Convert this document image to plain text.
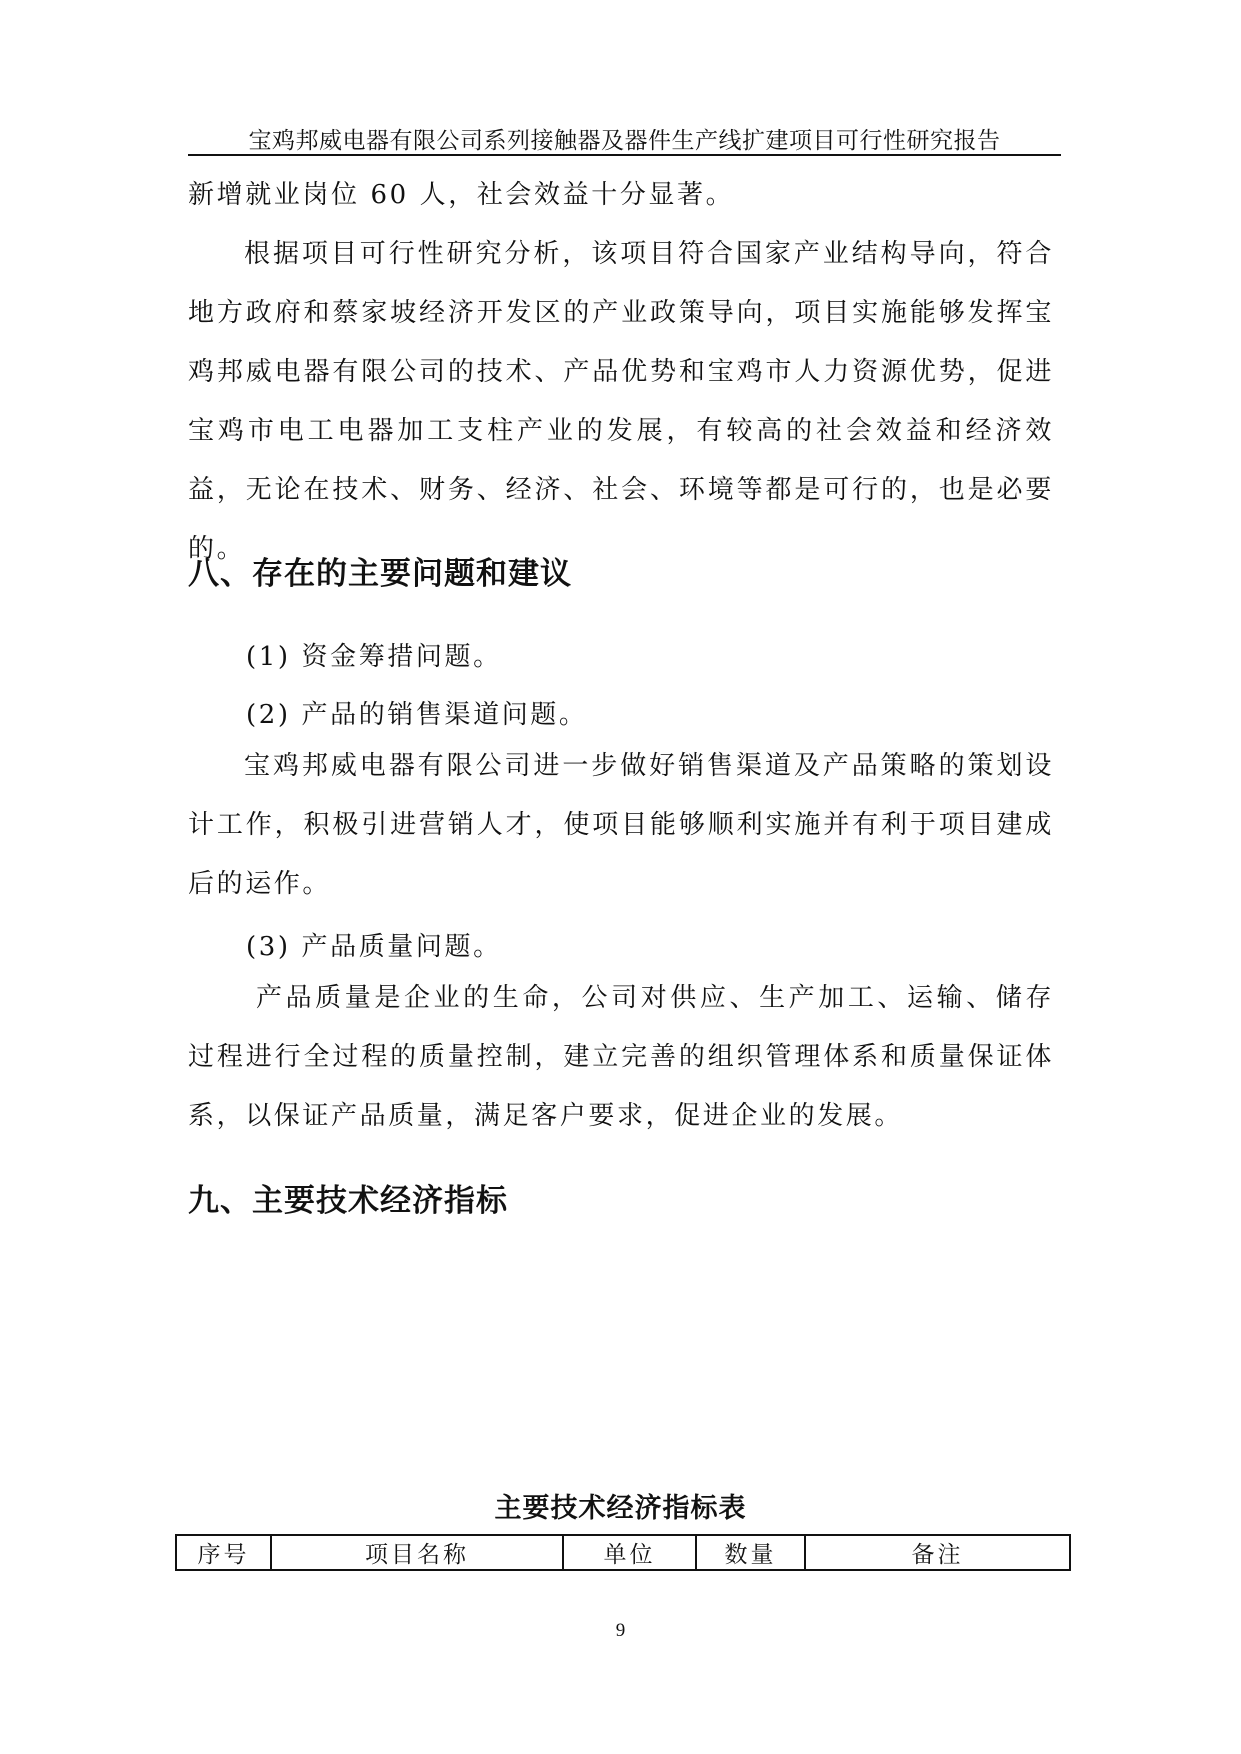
宝鸡邦威电器有限公司系列接触器及器件生产线扩建项目可行性研究报告

新增就业岗位 60 人，社会效益十分显著。

根据项目可行性研究分析，该项目符合国家产业结构导向，符合地方政府和蔡家坡经济开发区的产业政策导向，项目实施能够发挥宝鸡邦威电器有限公司的技术、产品优势和宝鸡市人力资源优势，促进宝鸡市电工电器加工支柱产业的发展，有较高的社会效益和经济效益，无论在技术、财务、经济、社会、环境等都是可行的，也是必要的。

八、存在的主要问题和建议

(1) 资金筹措问题。

(2) 产品的销售渠道问题。

宝鸡邦威电器有限公司进一步做好销售渠道及产品策略的策划设计工作，积极引进营销人才，使项目能够顺利实施并有利于项目建成后的运作。

(3) 产品质量问题。

产品质量是企业的生命，公司对供应、生产加工、运输、储存过程进行全过程的质量控制，建立完善的组织管理体系和质量保证体系，以保证产品质量，满足客户要求，促进企业的发展。

九、主要技术经济指标
主要技术经济指标表
序号	项目名称	单位	数量	备注
9
